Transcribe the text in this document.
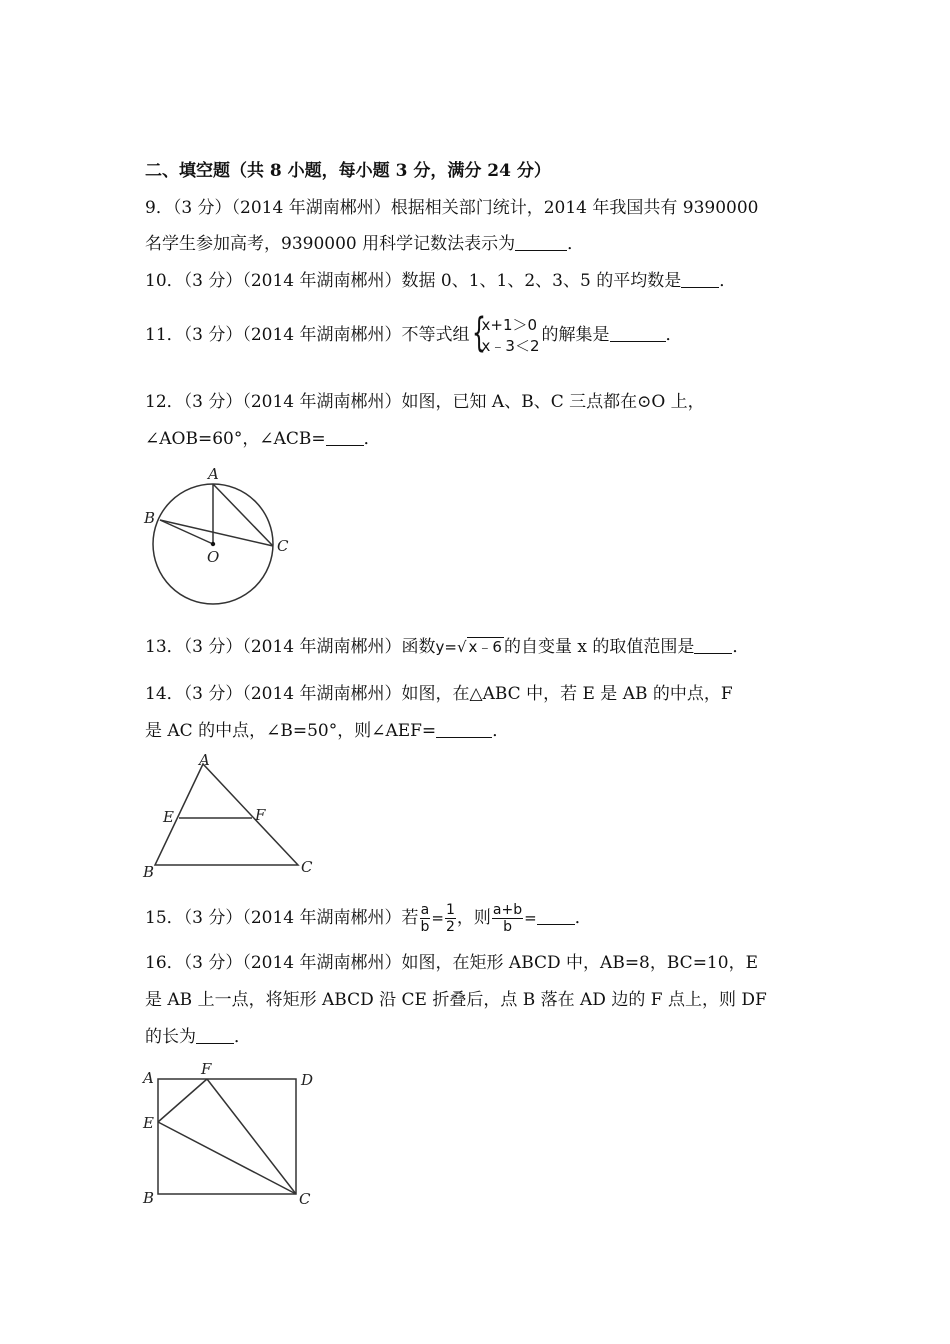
二、填空题（共 8 小题，每小题 3 分，满分 24 分）
9．（3 分）（2014 年湖南郴州）根据相关部门统计，2014 年我国共有 9390000
名学生参加高考，9390000 用科学记数法表示为	．
10．（3 分）（2014 年湖南郴州）数据 0、1、1、2、3、5 的平均数是 ．
11．（3 分）（2014 年湖南郴州）不等式组 {
x+1＞0
x﹣3＜2
的解集是	．
12．（3 分）（2014 年湖南郴州）如图，已知 A、B、C 三点都在⊙O 上，
∠AOB=60°，∠ACB= ．
A
B
C
O
13．（3 分）（2014 年湖南郴州）函数y=√ x﹣6 的自变量 x 的取值范围是 ．
14．（3 分）（2014 年湖南郴州）如图，在△ABC 中，若 E 是 AB 的中点，F
是 AC 的中点，∠B=50°，则∠AEF=	．
A
E	F
B	C
15．（3 分）（2014 年湖南郴州）若 $\frac{a}{b} = \frac{1}{2}$ ，则 $\frac{a+b}{b}$ = ．
16．（3 分）（2014 年湖南郴州）如图，在矩形 ABCD 中，AB=8，BC=10，E
是 AB 上一点，将矩形 ABCD 沿 CE 折叠后，点 B 落在 AD 边的 F 点上，则 DF
的长为 ．
A	F
D
E
B	C
